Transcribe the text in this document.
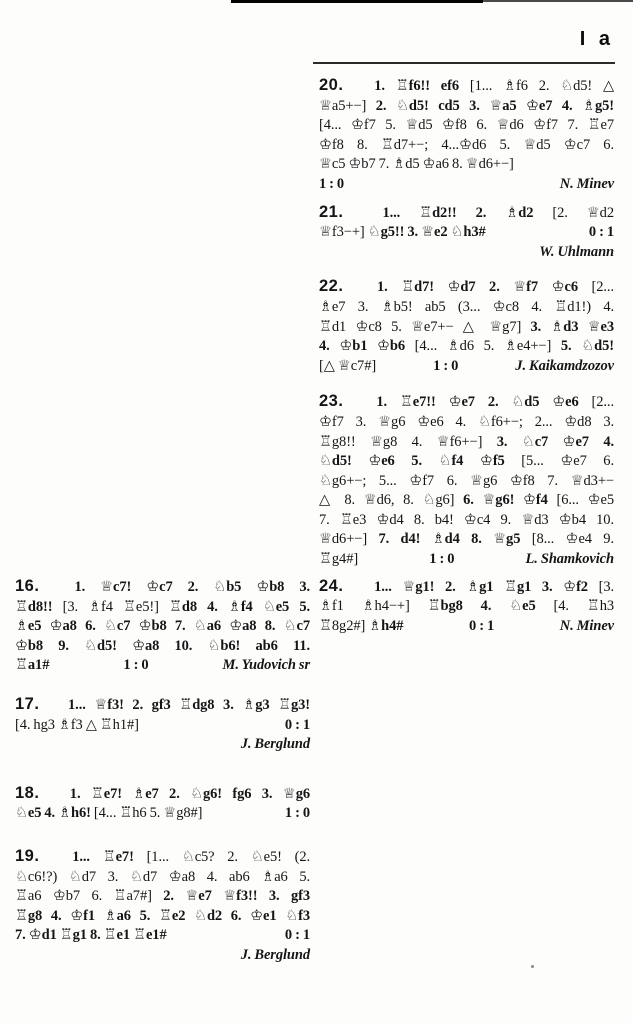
I a
16. 1. ♕c7! ♔c7 2. ♘b5 ♔b8 3.
♖d8!! [3. ♗f4 ♖e5!] ♖d8 4. ♗f4 ♘e5 5.
♗e5 ♔a8 6. ♘c7 ♔b8 7. ♘a6 ♔a8 8. ♘c7
♔b8 9. ♘d5! ♔a8 10. ♘b6! ab6 11.
♖a1#	1 : 0	M. Yudovich sr
17. 1... ♕f3! 2. gf3 ♖dg8 3. ♗g3 ♖g3!
[4. hg3 ♗f3 △ ♖h1#]	0 : 1
J. Berglund
18. 1. ♖e7! ♗e7 2. ♘g6! fg6 3. ♕g6
♘e5 4. ♗h6! [4... ♖h6 5. ♕g8#]	1 : 0
19. 1... ♖e7! [1... ♘c5? 2. ♘e5! (2.
♘c6!?) ♘d7 3. ♘d7 ♔a8 4. ab6 ♗a6 5.
♖a6 ♔b7 6. ♖a7#] 2. ♕e7 ♕f3!! 3. gf3
♖g8 4. ♔f1 ♗a6 5. ♖e2 ♘d2 6. ♔e1 ♘f3
7. ♔d1 ♖g1 8. ♖e1 ♖e1#	0 : 1
J. Berglund
20. 1. ♖f6!! ef6 [1... ♗f6 2. ♘d5! △
♕a5+−] 2. ♘d5! cd5 3. ♕a5 ♔e7 4. ♗g5!
[4... ♔f7 5. ♕d5 ♔f8 6. ♕d6 ♔f7 7. ♖e7
♔f8 8. ♖d7+−; 4...♔d6 5. ♕d5 ♔c7 6.
♕c5 ♔b7 7. ♗d5 ♔a6 8. ♕d6+−]
1 : 0	N. Minev
21.	1... ♖d2!! 2. ♗d2 [2. ♕d2
♕f3−+] ♘g5!! 3. ♕e2 ♘h3#	0 : 1
W. Uhlmann
22. 1. ♖d7! ♔d7 2. ♕f7 ♔c6 [2...
♗e7 3. ♗b5! ab5 (3... ♔c8 4. ♖d1!) 4.
♖d1 ♔c8 5. ♕e7+− △ ♕g7] 3. ♗d3 ♕e3
4. ♔b1 ♔b6 [4... ♗d6 5. ♗e4+−] 5. ♘d5!
[△ ♕c7#]	1 : 0	J. Kaikamdzozov
23. 1. ♖e7!! ♔e7 2. ♘d5 ♔e6 [2...
♔f7 3. ♕g6 ♔e6 4. ♘f6+−; 2... ♔d8 3.
♖g8!! ♕g8 4. ♕f6+−] 3. ♘c7 ♔e7 4.
♘d5! ♔e6 5. ♘f4 ♔f5 [5... ♔e7 6.
♘g6+−; 5... ♔f7 6. ♕g6 ♔f8 7. ♕d3+−
△ 8. ♕d6, 8. ♘g6] 6. ♕g6! ♔f4 [6... ♔e5
7. ♖e3 ♔d4 8. b4! ♔c4 9. ♕d3 ♔b4 10.
♕d6+−] 7. d4! ♗d4 8. ♕g5 [8... ♔e4 9.
♖g4#]	1 : 0	L. Shamkovich
24. 1... ♕g1! 2. ♗g1 ♖g1 3. ♔f2 [3.
♗f1 ♗h4−+] ♖bg8 4. ♘e5 [4. ♖h3
♖8g2#] ♗h4#	0 : 1	N. Minev
